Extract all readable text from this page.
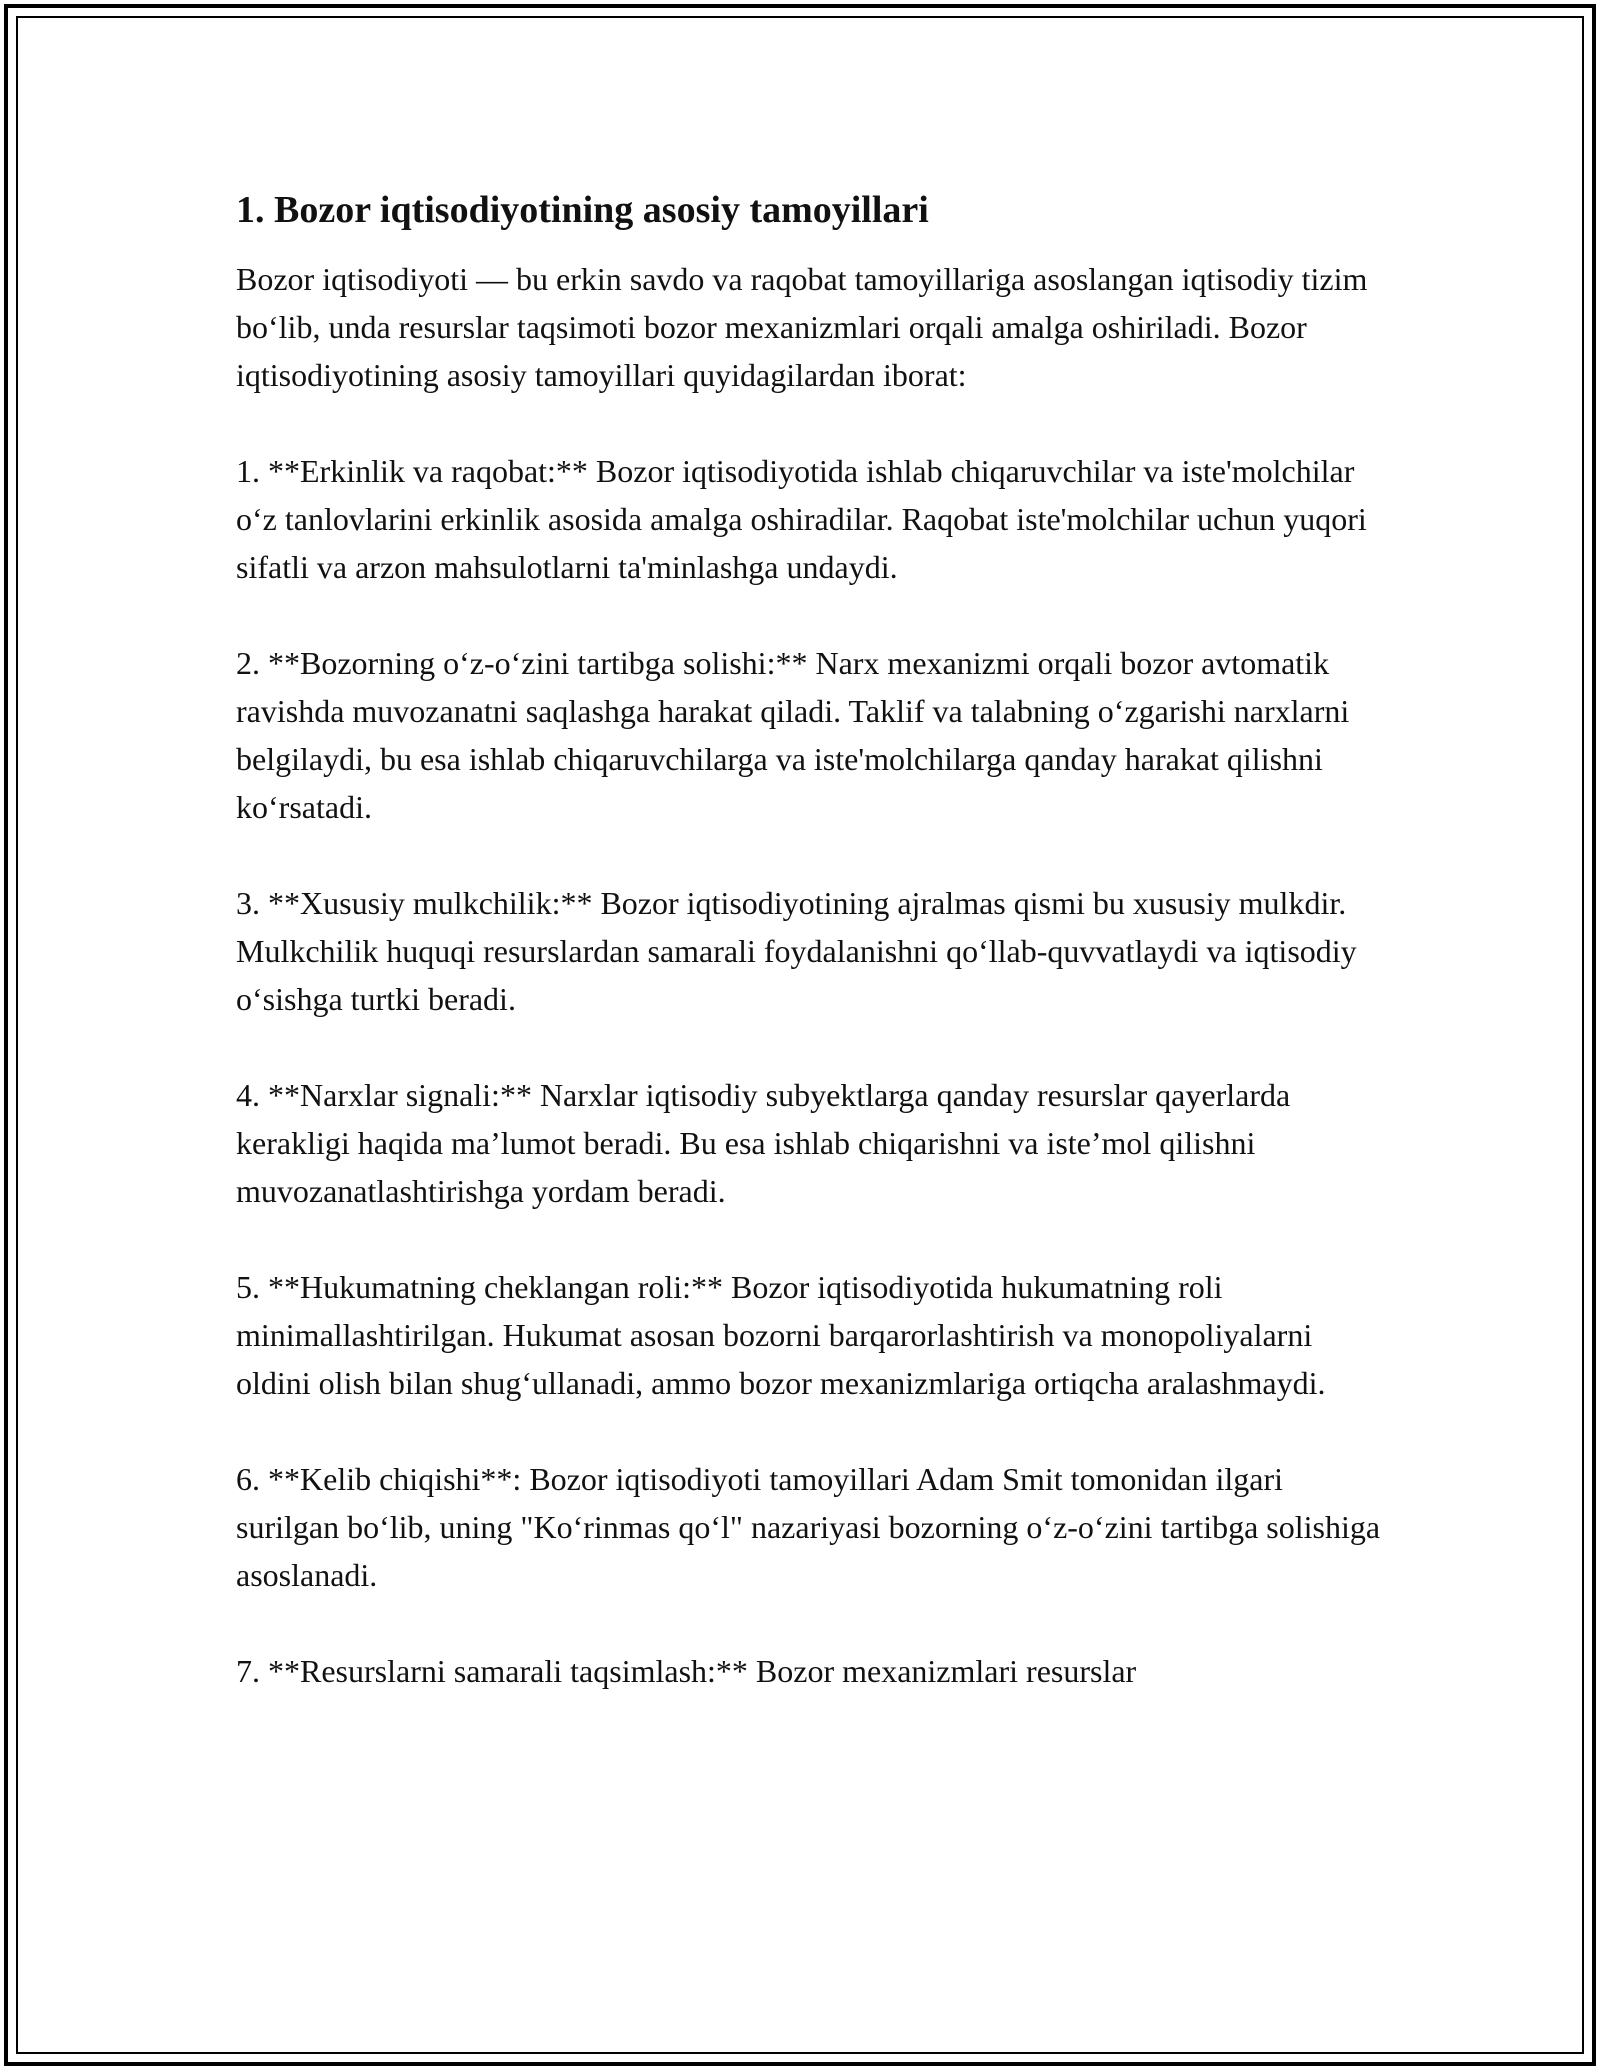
1. Bozor iqtisodiyotining asosiy tamoyillari

Bozor iqtisodiyoti — bu erkin savdo va raqobat tamoyillariga asoslangan iqtisodiy tizim bo‘lib, unda resurslar taqsimoti bozor mexanizmlari orqali amalga oshiriladi. Bozor iqtisodiyotining asosiy tamoyillari quyidagilardan iborat:

1. **Erkinlik va raqobat:** Bozor iqtisodiyotida ishlab chiqaruvchilar va iste'molchilar o‘z tanlovlarini erkinlik asosida amalga oshiradilar. Raqobat iste'molchilar uchun yuqori sifatli va arzon mahsulotlarni ta'minlashga undaydi.

2. **Bozorning o‘z-o‘zini tartibga solishi:** Narx mexanizmi orqali bozor avtomatik ravishda muvozanatni saqlashga harakat qiladi. Taklif va talabning o‘zgarishi narxlarni belgilaydi, bu esa ishlab chiqaruvchilarga va iste'molchilarga qanday harakat qilishni ko‘rsatadi.

3. **Xususiy mulkchilik:** Bozor iqtisodiyotining ajralmas qismi bu xususiy mulkdir. Mulkchilik huquqi resurslardan samarali foydalanishni qo‘llab-quvvatlaydi va iqtisodiy o‘sishga turtki beradi.

4. **Narxlar signali:** Narxlar iqtisodiy subyektlarga qanday resurslar qayerlarda kerakligi haqida ma’lumot beradi. Bu esa ishlab chiqarishni va iste’mol qilishni muvozanatlashtirishga yordam beradi.

5. **Hukumatning cheklangan roli:** Bozor iqtisodiyotida hukumatning roli minimallashtirilgan. Hukumat asosan bozorni barqarorlashtirish va monopoliyalarni oldini olish bilan shug‘ullanadi, ammo bozor mexanizmlariga ortiqcha aralashmaydi.

6. **Kelib chiqishi**: Bozor iqtisodiyoti tamoyillari Adam Smit tomonidan ilgari surilgan bo‘lib, uning "Ko‘rinmas qo‘l" nazariyasi bozorning o‘z-o‘zini tartibga solishiga asoslanadi.

7. **Resurslarni samarali taqsimlash:** Bozor mexanizmlari resurslar
